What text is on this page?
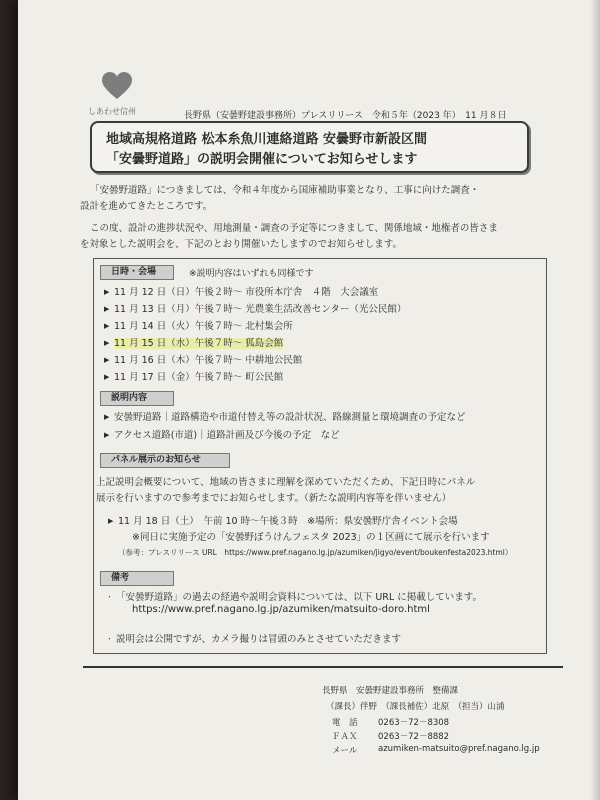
しあわせ信州	長野県（安曇野建設事務所）プレスリリース　令和５年（2023 年）　11 月８日
地域高規格道路 松本糸魚川連絡道路 安曇野市新設区間
「安曇野道路」の説明会開催についてお知らせします
「安曇野道路」につきましては、令和４年度から国庫補助事業となり、工事に向けた調査・
設計を進めてきたところです。
この度、設計の進捗状況や、用地測量・調査の予定等につきまして、関係地域・地権者の皆さま
を対象とした説明会を、下記のとおり開催いたしますのでお知らせします。
日時・会場	※説明内容はいずれも同様です
▶ 11 月 12 日（日）午後２時～ 市役所本庁舎　４階　大会議室
▶ 11 月 13 日（月）午後７時～ 光農業生活改善センター（光公民館）
▶ 11 月 14 日（火）午後７時～ 北村集会所
▶ 11 月 15 日（水）午後７時～ 狐島会館
▶ 11 月 16 日（木）午後７時～ 中耕地公民館
▶ 11 月 17 日（金）午後７時～ 町公民館
説明内容
▶ 安曇野道路｜道路構造や市道付替え等の設計状況、路線測量と環境調査の予定など
▶ アクセス道路(市道)｜道路計画及び今後の予定　など
パネル展示のお知らせ
上記説明会概要について、地域の皆さまに理解を深めていただくため、下記日時にパネル
展示を行いますので参考までにお知らせします。（新たな説明内容等を伴いません）
▶ 11 月 18 日（土）　午前 10 時～午後３時　※場所：県安曇野庁舎イベント会場
※同日に実施予定の「安曇野ぼうけんフェスタ 2023」の１区画にて展示を行います
（参考：プレスリリース URL　https://www.pref.nagano.lg.jp/azumiken/jigyo/event/boukenfesta2023.html）
備考
・ 「安曇野道路」の過去の経過や説明会資料については、以下 URL に掲載しています。
https://www.pref.nagano.lg.jp/azumiken/matsuito-doro.html
・ 説明会は公開ですが、カメラ撮りは冒頭のみとさせていただきます
長野県　安曇野建設事務所　整備課
（課長）伴野　（課長補佐）北原　（担当）山浦
電　話 0263－72－8308
ＦＡＸ 0263－72－8882
メール azumiken-matsuito@pref.nagano.lg.jp
